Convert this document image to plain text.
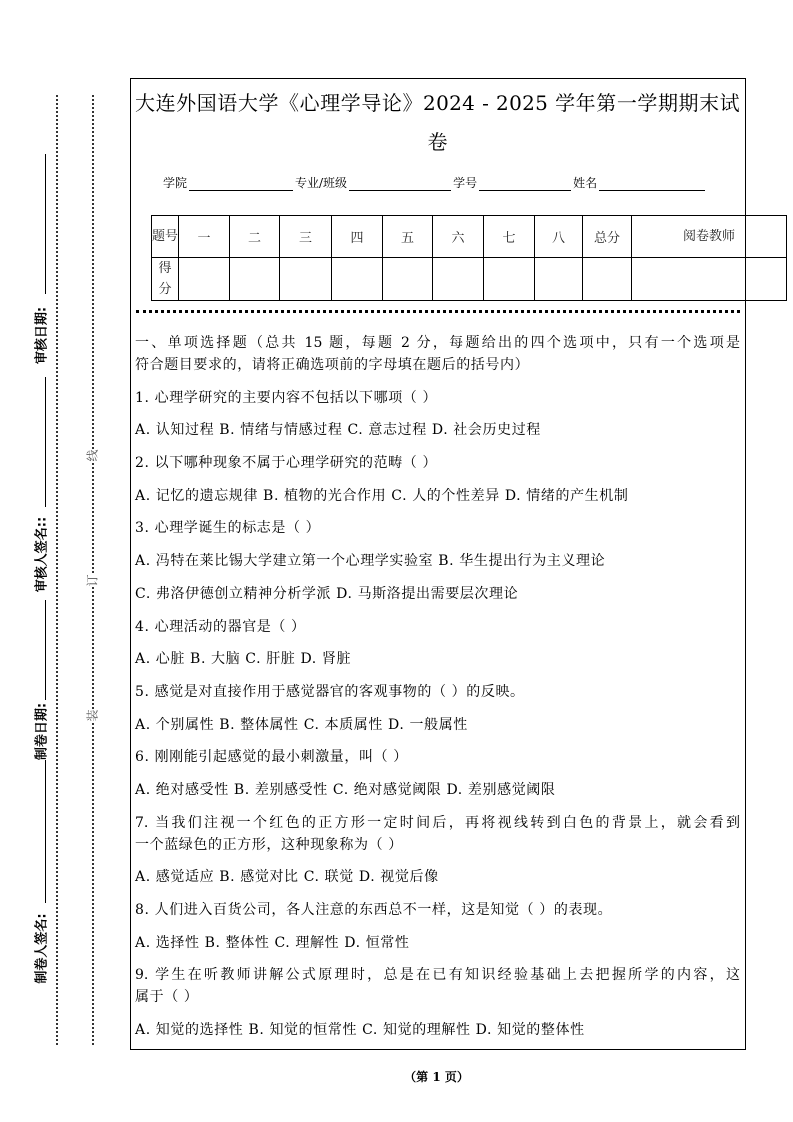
审核日期:
审核人签名::
制卷日期:
制卷人签名:
线
订
装
大连外国语大学《心理学导论》2024 - 2025 学年第一学期期末试
卷
学院	专业/班级	学号	姓名
题号	一	二	三	四	五	六	七	八	总分	阅卷教师
得分										
一、单项选择题（总共 15 题，每题 2 分，每题给出的四个选项中，只有一个选项是
符合题目要求的，请将正确选项前的字母填在题后的括号内）
1. 心理学研究的主要内容不包括以下哪项（ ）
A. 认知过程 B. 情绪与情感过程 C. 意志过程 D. 社会历史过程
2. 以下哪种现象不属于心理学研究的范畴（ ）
A. 记忆的遗忘规律 B. 植物的光合作用 C. 人的个性差异 D. 情绪的产生机制
3. 心理学诞生的标志是（ ）
A. 冯特在莱比锡大学建立第一个心理学实验室 B. 华生提出行为主义理论
C. 弗洛伊德创立精神分析学派 D. 马斯洛提出需要层次理论
4. 心理活动的器官是（ ）
A. 心脏 B. 大脑 C. 肝脏 D. 肾脏
5. 感觉是对直接作用于感觉器官的客观事物的（ ）的反映。
A. 个别属性 B. 整体属性 C. 本质属性 D. 一般属性
6. 刚刚能引起感觉的最小刺激量，叫（ ）
A. 绝对感受性 B. 差别感受性 C. 绝对感觉阈限 D. 差别感觉阈限
7. 当我们注视一个红色的正方形一定时间后，再将视线转到白色的背景上，就会看到
一个蓝绿色的正方形，这种现象称为（ ）
A. 感觉适应 B. 感觉对比 C. 联觉 D. 视觉后像
8. 人们进入百货公司，各人注意的东西总不一样，这是知觉（ ）的表现。
A. 选择性 B. 整体性 C. 理解性 D. 恒常性
9. 学生在听教师讲解公式原理时，总是在已有知识经验基础上去把握所学的内容，这
属于（ ）
A. 知觉的选择性 B. 知觉的恒常性 C. 知觉的理解性 D. 知觉的整体性
（第 1 页）
